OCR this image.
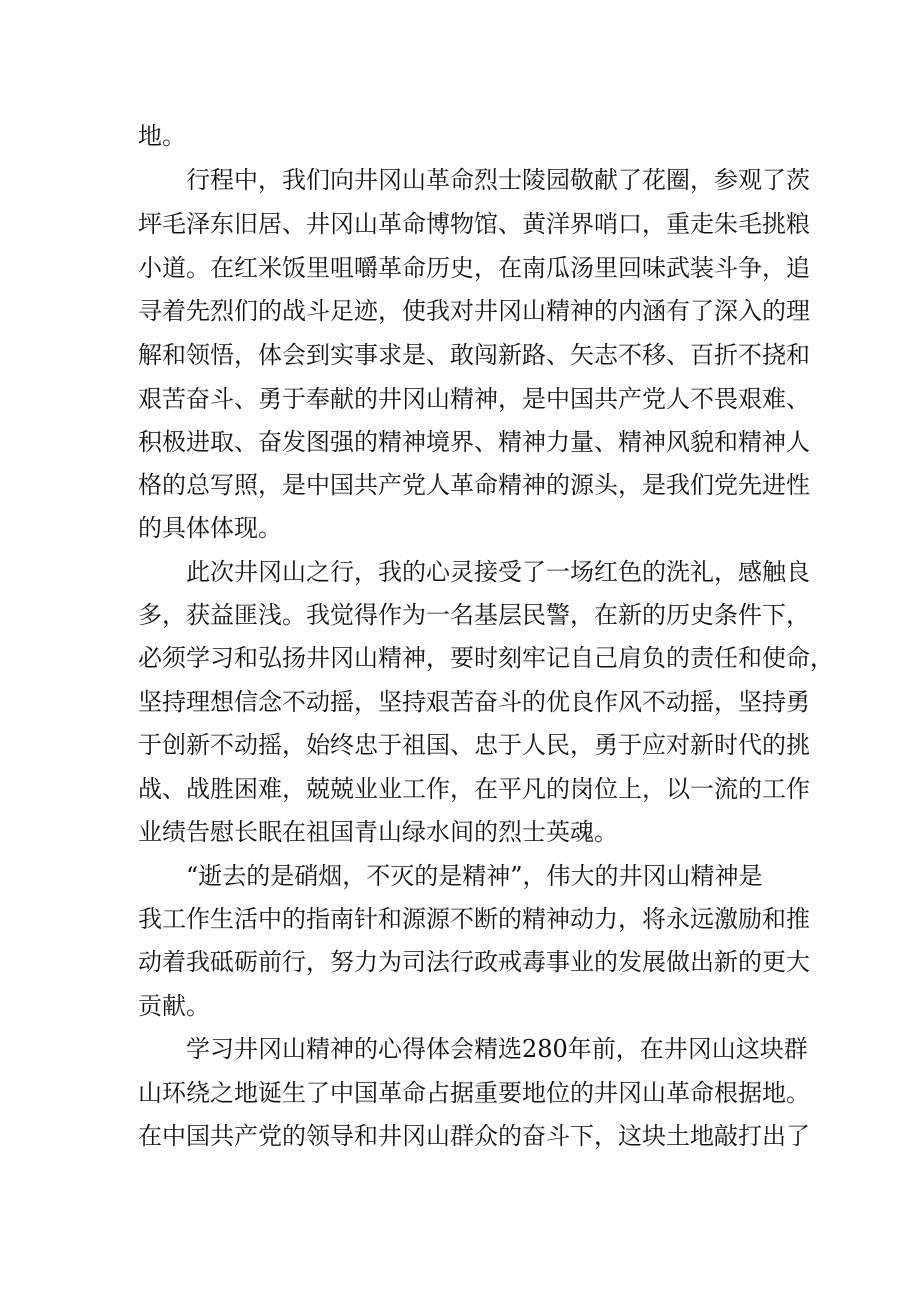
地。

行程中，我们向井冈山革命烈士陵园敬献了花圈，参观了茨

坪毛泽东旧居、井冈山革命博物馆、黄洋界哨口，重走朱毛挑粮

小道。在红米饭里咀嚼革命历史，在南瓜汤里回味武装斗争，追

寻着先烈们的战斗足迹，使我对井冈山精神的内涵有了深入的理

解和领悟，体会到实事求是、敢闯新路、矢志不移、百折不挠和

艰苦奋斗、勇于奉献的井冈山精神，是中国共产党人不畏艰难、

积极进取、奋发图强的精神境界、精神力量、精神风貌和精神人

格的总写照，是中国共产党人革命精神的源头，是我们党先进性

的具体体现。

此次井冈山之行，我的心灵接受了一场红色的洗礼，感触良

多，获益匪浅。我觉得作为一名基层民警，在新的历史条件下，

必须学习和弘扬井冈山精神，要时刻牢记自己肩负的责任和使命，

坚持理想信念不动摇，坚持艰苦奋斗的优良作风不动摇，坚持勇

于创新不动摇，始终忠于祖国、忠于人民，勇于应对新时代的挑

战、战胜困难，兢兢业业工作，在平凡的岗位上，以一流的工作

业绩告慰长眠在祖国青山绿水间的烈士英魂。

“逝去的是硝烟，不灭的是精神”，伟大的井冈山精神是

我工作生活中的指南针和源源不断的精神动力，将永远激励和推

动着我砥砺前行，努力为司法行政戒毒事业的发展做出新的更大

贡献。

学习井冈山精神的心得体会精选280年前，在井冈山这块群

山环绕之地诞生了中国革命占据重要地位的井冈山革命根据地。

在中国共产党的领导和井冈山群众的奋斗下，这块土地敲打出了
